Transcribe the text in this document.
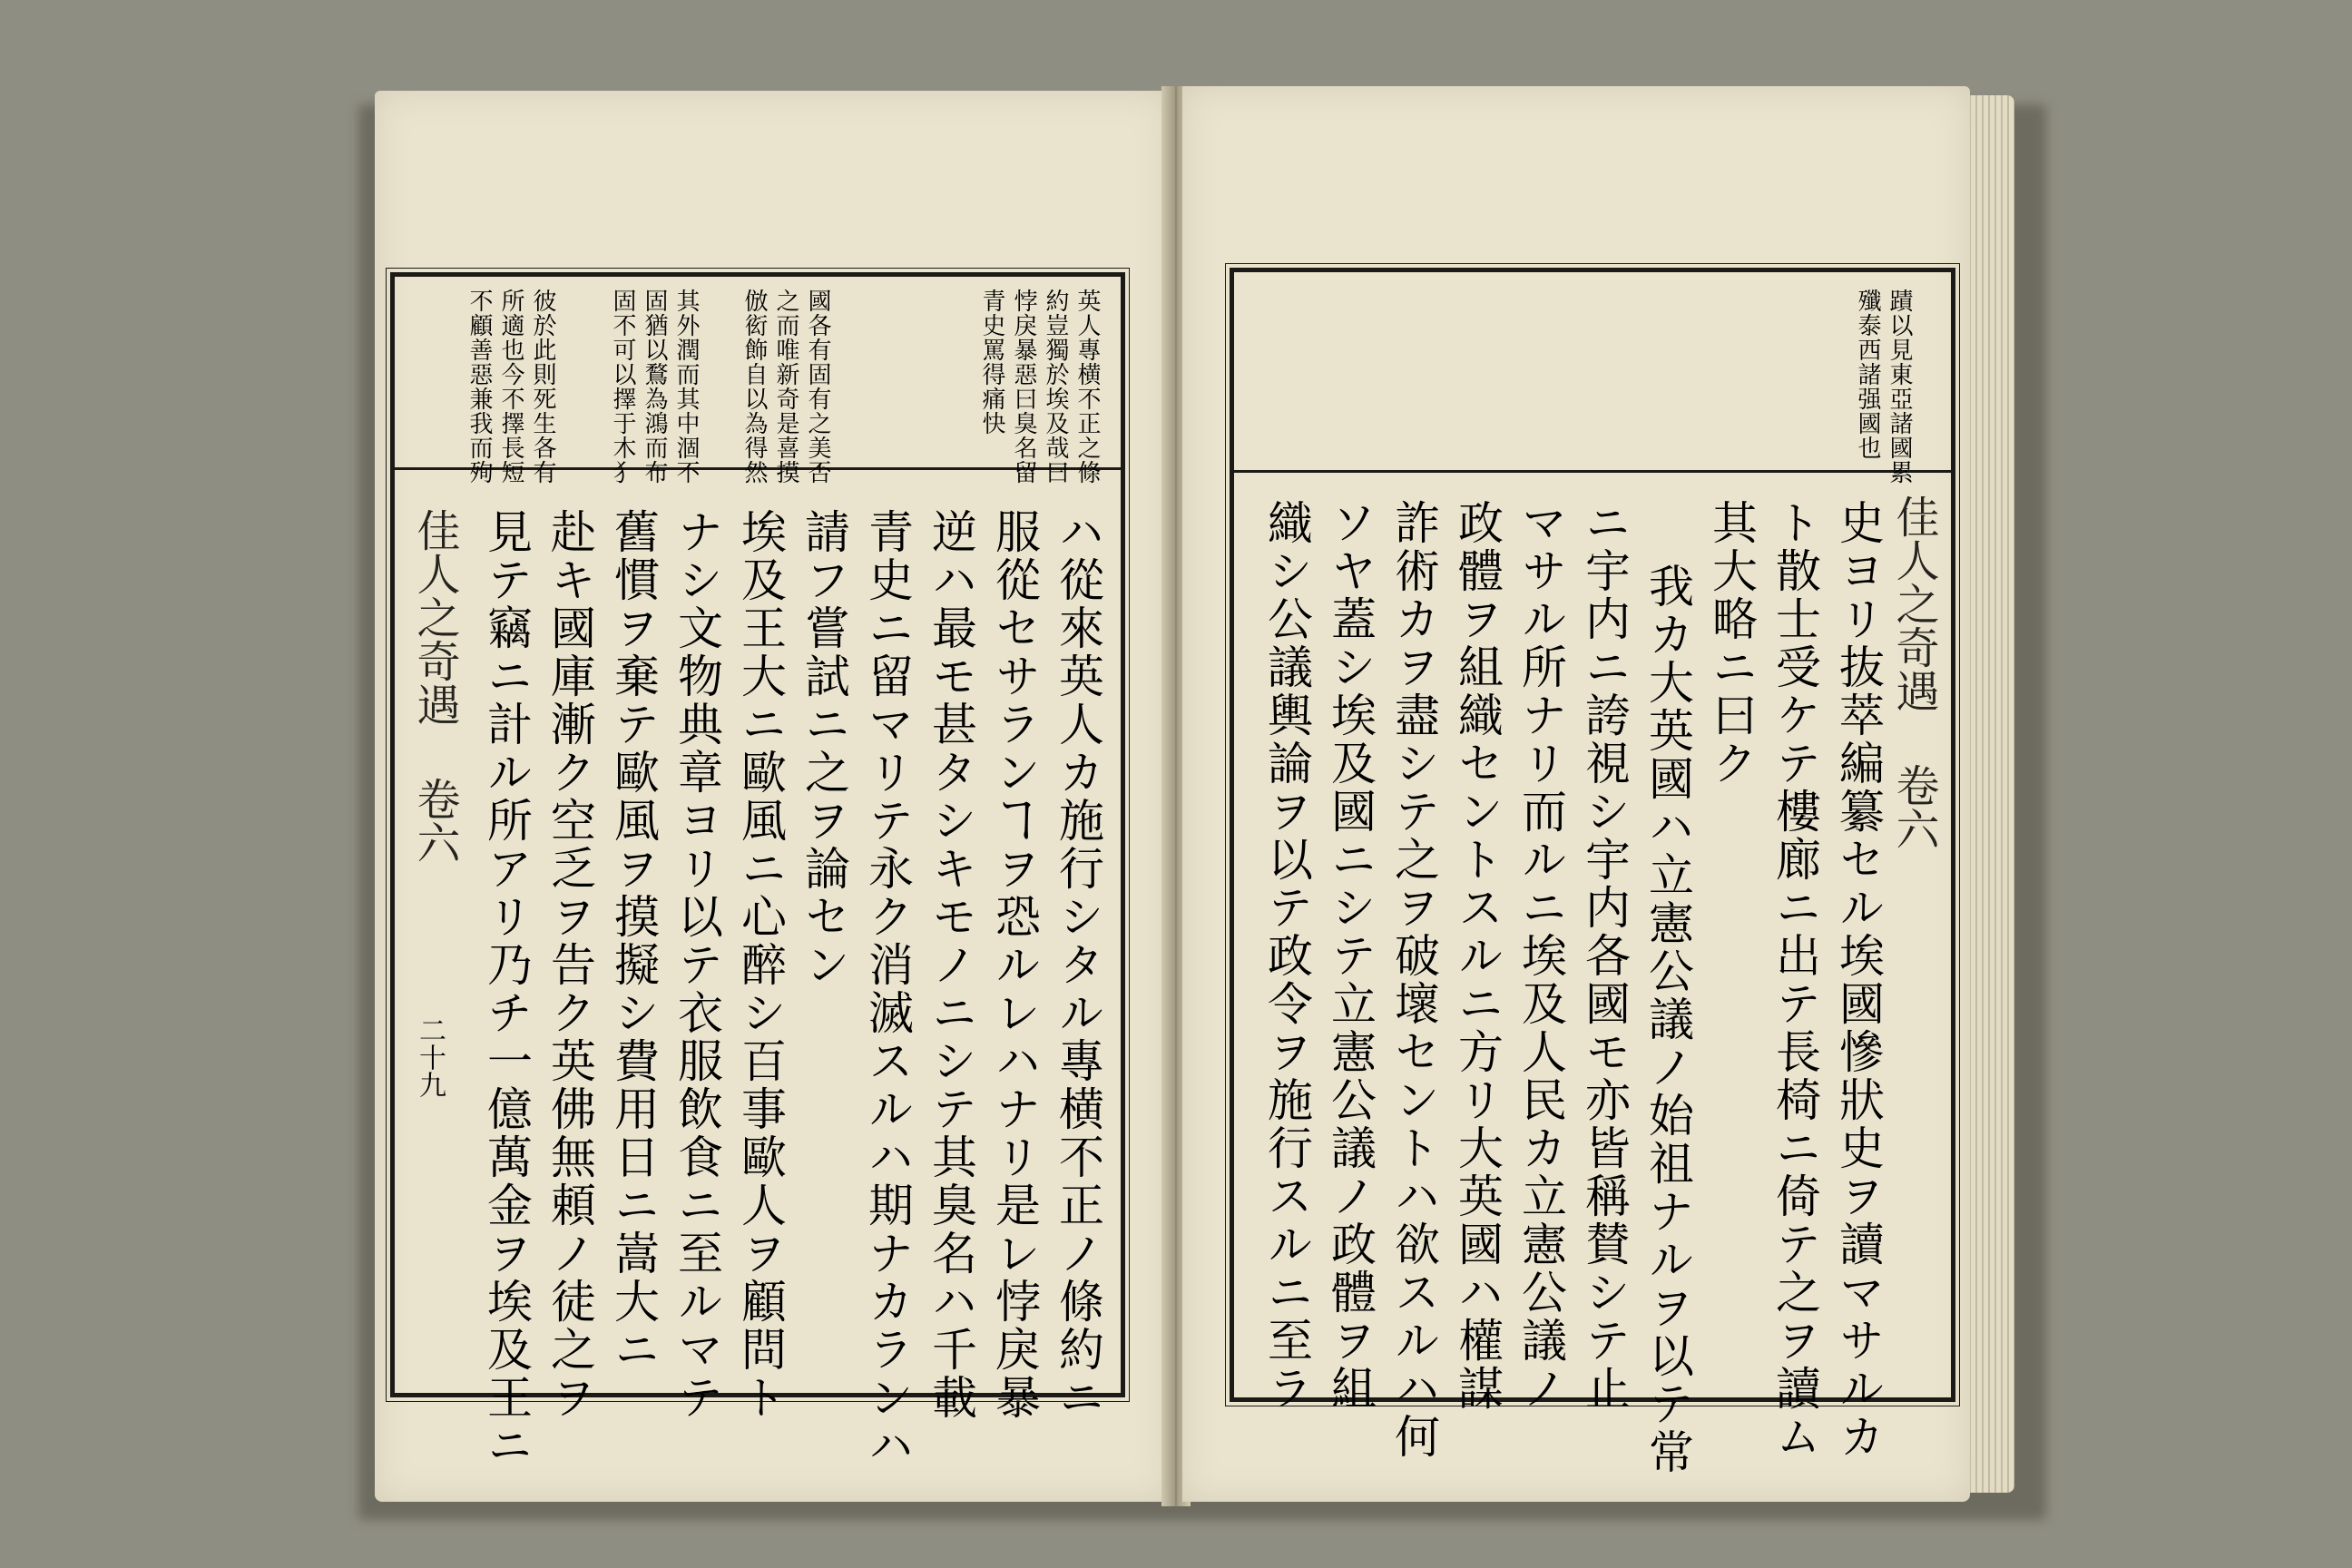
佳人之奇遇 卷六
二十九
英人專横不正之條
約豈獨於埃及哉曰
悖戾暴惡曰臭名留
青史罵得痛快
國各有固有之美否
之而唯新奇是喜摸
倣衒飾自以為得然
其外潤而其中涸不
固猶以鶩為鴻而布
固不可以擇于木犭
彼於此則死生各有
所適也今不擇長短
不顧善惡兼我而殉
ハ從來英人カ施行シタル專横不正ノ條約ニ
服從セサランヿヲ恐ルレハナリ是レ悖戾暴
逆ハ最モ甚タシキモノニシテ其臭名ハ千載
青史ニ留マリテ永ク消滅スルハ期ナカランハ
請フ嘗試ニ之ヲ論セン
埃及王大ニ歐風ニ心醉シ百事歐人ヲ顧問ト
ナシ文物典章ヨリ以テ衣服飲食ニ至ルマテ
舊慣ヲ棄テ歐風ヲ摸擬シ費用日ニ嵩大ニ
赴キ國庫漸ク空乏ヲ告ク英佛無頼ノ徒之ヲ
見テ竊ニ計ル所アリ乃チ一億萬金ヲ埃及王ニ	佳人之奇遇 卷六
蹟以見東亞諸國累
殲泰西諸强國也
史ヨリ抜萃編纂セル埃國慘狀史ヲ讀マサルカ
ト散士受ケテ樓廊ニ出テ長椅ニ倚テ之ヲ讀ム
其大略ニ曰ク
我カ大英國ハ立憲公議ノ始祖ナルヲ以テ常
ニ宇内ニ誇視シ宇内各國モ亦皆稱賛シテ止
マサル所ナリ而ルニ埃及人民カ立憲公議ノ
政體ヲ組織セントスルニ方リ大英國ハ權謀
詐術カヲ盡シテ之ヲ破壞セントハ欲スルハ何
ソヤ蓋シ埃及國ニシテ立憲公議ノ政體ヲ組
織シ公議輿論ヲ以テ政令ヲ施行スルニ至ラ
